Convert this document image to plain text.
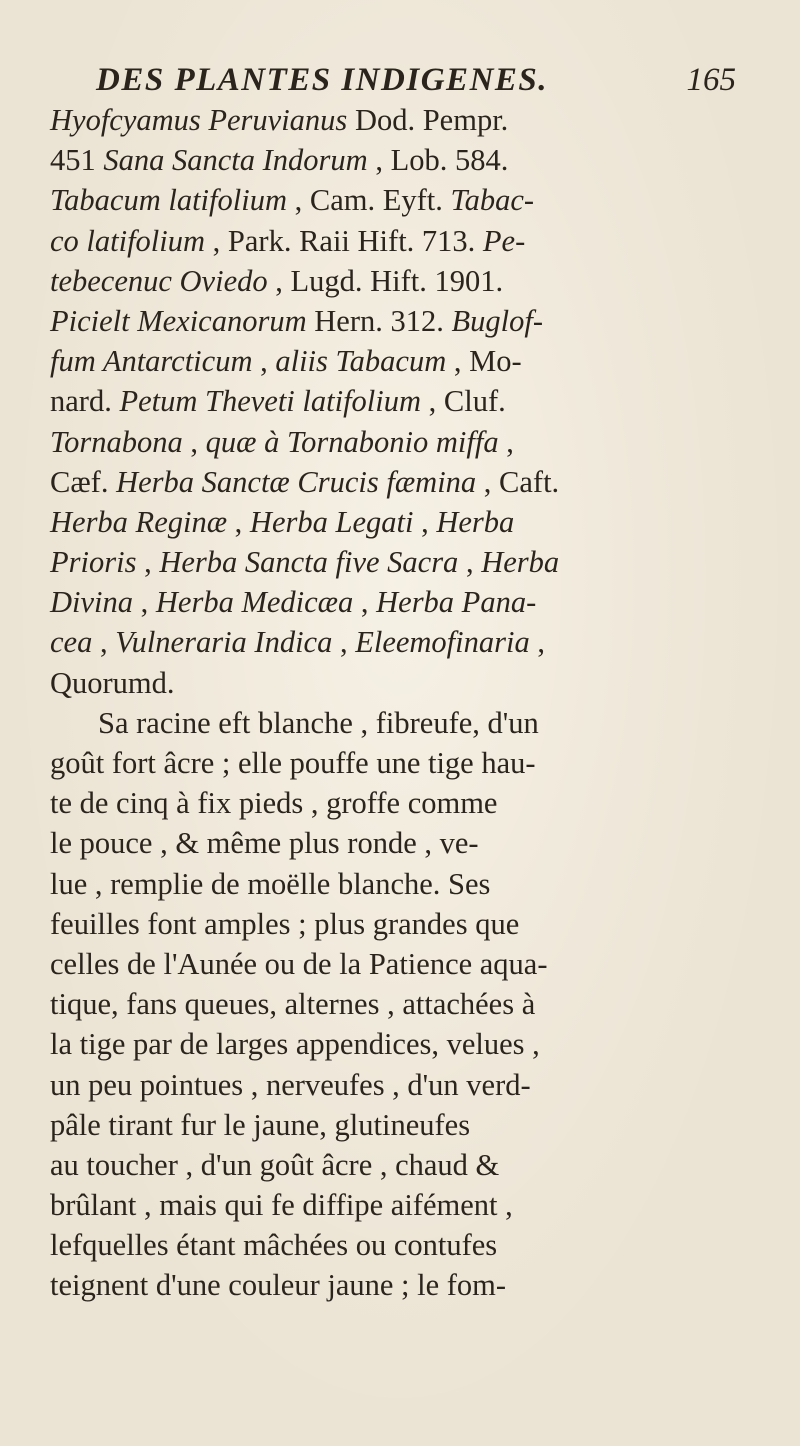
DES PLANTES INDIGENES.	165
Hyofcyamus Peruvianus Dod. Pempr.
451 Sana Sancta Indorum , Lob. 584.
Tabacum latifolium , Cam. Eyft. Tabac-
co latifolium , Park. Raii Hift. 713. Pe-
tebecenuc Oviedo , Lugd. Hift. 1901.
Picielt Mexicanorum Hern. 312. Buglof-
fum Antarcticum , aliis Tabacum , Mo-
nard. Petum Theveti latifolium , Cluf.
Tornabona , quæ à Tornabonio miffa ,
Cæf. Herba Sanctæ Crucis fæmina , Caft.
Herba Reginæ , Herba Legati , Herba
Prioris , Herba Sancta five Sacra , Herba
Divina , Herba Medicæa , Herba Pana-
cea , Vulneraria Indica , Eleemofinaria ,
Quorumd.
Sa racine eft blanche , fibreufe, d'un
goût fort âcre ; elle pouffe une tige hau-
te de cinq à fix pieds , groffe comme
le pouce , & même plus ronde , ve-
lue , remplie de moëlle blanche. Ses
feuilles font amples ; plus grandes que
celles de l'Aunée ou de la Patience aqua-
tique, fans queues, alternes , attachées à
la tige par de larges appendices, velues ,
un peu pointues , nerveufes , d'un verd-
pâle tirant fur le jaune, glutineufes
au toucher , d'un goût âcre , chaud &
brûlant , mais qui fe diffipe aifément ,
lefquelles étant mâchées ou contufes
teignent d'une couleur jaune ; le fom-
